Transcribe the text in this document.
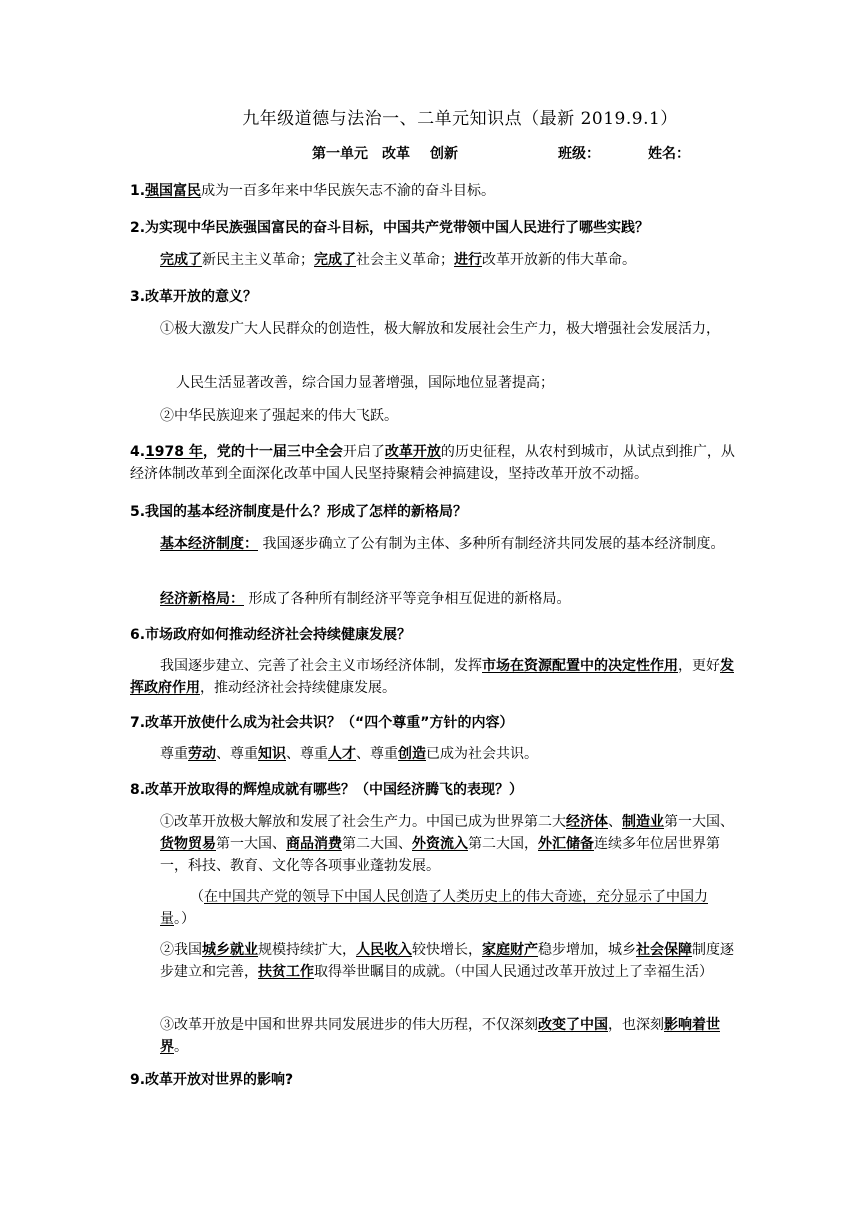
九年级道德与法治一、二单元知识点（最新 2019.9.1）
第一单元 改革 创新	班级：	姓名：
1.强国富民成为一百多年来中华民族矢志不渝的奋斗目标。
2.为实现中华民族强国富民的奋斗目标，中国共产党带领中国人民进行了哪些实践？
完成了新民主主义革命；完成了社会主义革命；进行改革开放新的伟大革命。
3.改革开放的意义？
①极大激发广大人民群众的创造性，极大解放和发展社会生产力，极大增强社会发展活力，
人民生活显著改善，综合国力显著增强，国际地位显著提高；
②中华民族迎来了强起来的伟大飞跃。
4.1978 年，党的十一届三中全会开启了改革开放的历史征程，从农村到城市，从试点到推广，从经济体制改革到全面深化改革中国人民坚持聚精会神搞建设，坚持改革开放不动摇。
5.我国的基本经济制度是什么？形成了怎样的新格局？
基本经济制度： 我国逐步确立了公有制为主体、多种所有制经济共同发展的基本经济制度。
经济新格局： 形成了各种所有制经济平等竞争相互促进的新格局。
6.市场政府如何推动经济社会持续健康发展？
我国逐步建立、完善了社会主义市场经济体制，发挥市场在资源配置中的决定性作用，更好发挥政府作用，推动经济社会持续健康发展。
7.改革开放使什么成为社会共识？（“四个尊重”方针的内容）
尊重劳动、尊重知识、尊重人才、尊重创造已成为社会共识。
8.改革开放取得的辉煌成就有哪些？（中国经济腾飞的表现？）
①改革开放极大解放和发展了社会生产力。中国已成为世界第二大经济体、制造业第一大国、货物贸易第一大国、商品消费第二大国、外资流入第二大国，外汇储备连续多年位居世界第一，科技、教育、文化等各项事业蓬勃发展。
（在中国共产党的领导下中国人民创造了人类历史上的伟大奇迹，充分显示了中国力量。）
②我国城乡就业规模持续扩大，人民收入较快增长，家庭财产稳步增加，城乡社会保障制度逐步建立和完善，扶贫工作取得举世瞩目的成就。（中国人民通过改革开放过上了幸福生活）
③改革开放是中国和世界共同发展进步的伟大历程，不仅深刻改变了中国，也深刻影响着世界。
9.改革开放对世界的影响?
